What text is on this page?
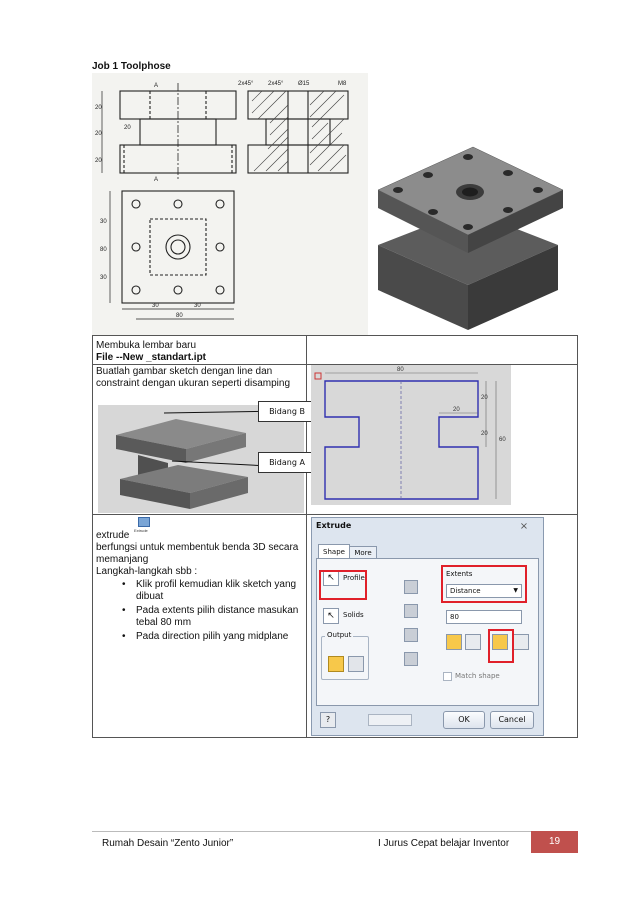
Job 1 Toolphose
2x45° 2x45° Ø15	M8
20
20
20
20
A
A
30
80
30
30	30
80
Membuka lembar baru
File --New _standart.ipt
Buatlah gambar sketch dengan line dan constraint dengan ukuran seperti disamping
Bidang B
Bidang A
80
20
20
20
60
Extrude
extrude
berfungsi untuk membentuk benda 3D secara memanjang
Langkah-langkah sbb :
• Klik profil kemudian klik sketch yang dibuat
• Pada extents pilih distance masukan tebal 80 mm
• Pada direction pilih yang midplane
Extrude	×
Shape	More
↖	Profile
↖	Solids
Output
Extents
Distance	▼
80
Match shape
?	OK	Cancel
Rumah Desain “Zento Junior”	I Jurus Cepat belajar Inventor	19
